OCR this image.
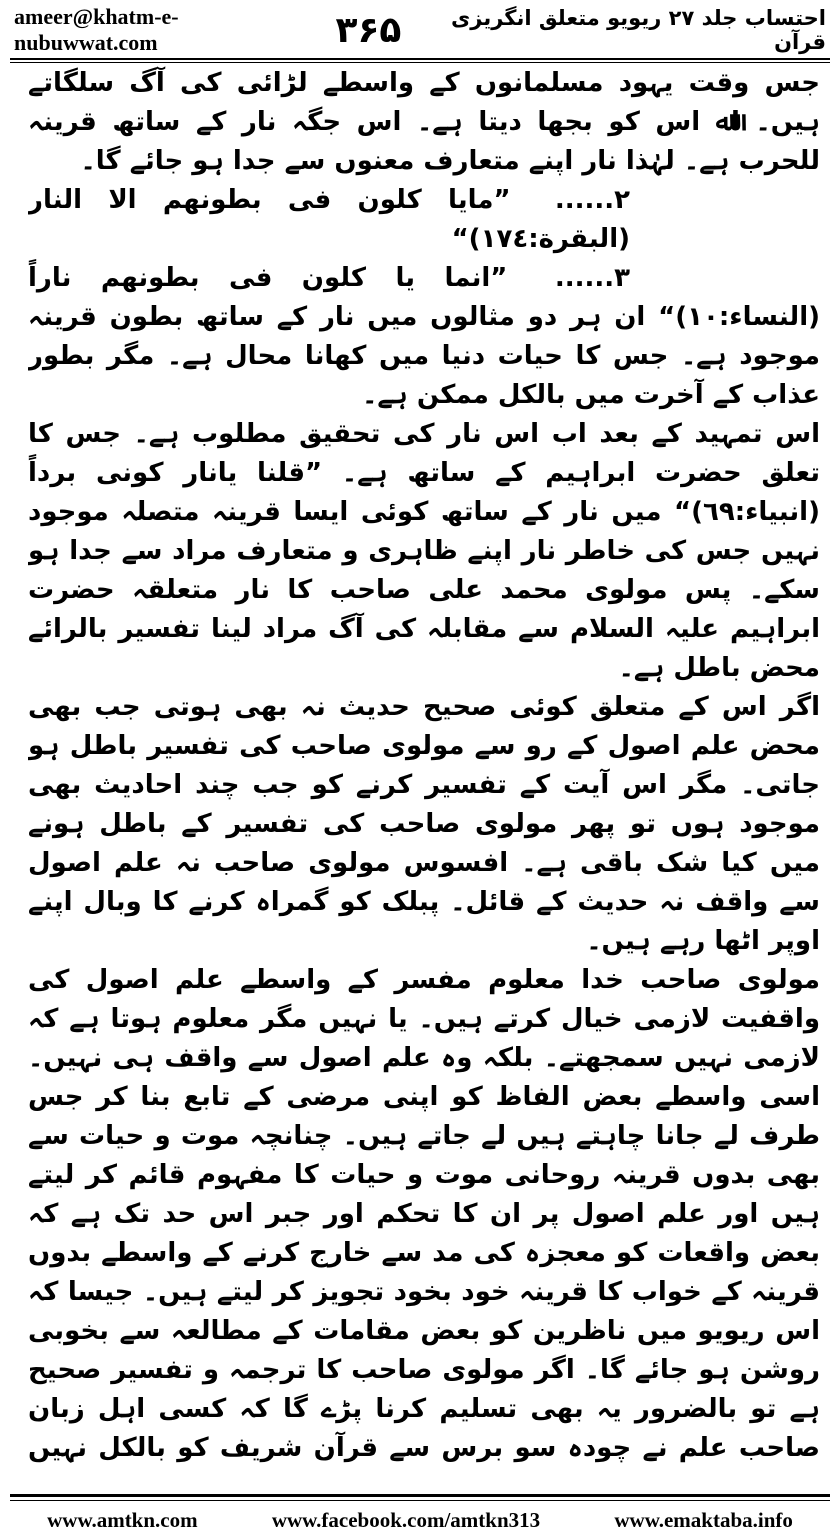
ameer@khatm-e-nubuwwat.com	۳۶۵	احتساب جلد ۲۷ ریویو متعلق انگریزی قرآن

جس وقت یہود مسلمانوں کے واسطے لڑائی کی آگ سلگاتے ہیں۔ اﷲ اس کو بجھا دیتا ہے۔ اس جگہ نار کے ساتھ قرینہ للحرب ہے۔ لہٰذا نار اپنے متعارف معنوں سے جدا ہو جائے گا۔

۲...... ”مایا کلون فی بطونهم الا النار (البقرة:۱۷٤)“

۳...... ”انما یا کلون فی بطونهم ناراً (النساء:۱۰)“ ان ہر دو مثالوں میں نار کے ساتھ بطون قرینہ موجود ہے۔ جس کا حیات دنیا میں کھانا محال ہے۔ مگر بطور عذاب کے آخرت میں بالکل ممکن ہے۔

اس تمہید کے بعد اب اس نار کی تحقیق مطلوب ہے۔ جس کا تعلق حضرت ابراہیم کے ساتھ ہے۔ ”قلنا یانار کونی برداً (انبیاء:٦٩)“ میں نار کے ساتھ کوئی ایسا قرینہ متصلہ موجود نہیں جس کی خاطر نار اپنے ظاہری و متعارف مراد سے جدا ہو سکے۔ پس مولوی محمد علی صاحب کا نار متعلقہ حضرت ابراہیم علیہ السلام سے مقابلہ کی آگ مراد لینا تفسیر بالرائے محض باطل ہے۔

اگر اس کے متعلق کوئی صحیح حدیث نہ بھی ہوتی جب بھی محض علم اصول کے رو سے مولوی صاحب کی تفسیر باطل ہو جاتی۔ مگر اس آیت کے تفسیر کرنے کو جب چند احادیث بھی موجود ہوں تو پھر مولوی صاحب کی تفسیر کے باطل ہونے میں کیا شک باقی ہے۔ افسوس مولوی صاحب نہ علم اصول سے واقف نہ حدیث کے قائل۔ پبلک کو گمراہ کرنے کا وبال اپنے اوپر اٹھا رہے ہیں۔

مولوی صاحب خدا معلوم مفسر کے واسطے علم اصول کی واقفیت لازمی خیال کرتے ہیں۔ یا نہیں مگر معلوم ہوتا ہے کہ لازمی نہیں سمجھتے۔ بلکہ وہ علم اصول سے واقف ہی نہیں۔ اسی واسطے بعض الفاظ کو اپنی مرضی کے تابع بنا کر جس طرف لے جانا چاہتے ہیں لے جاتے ہیں۔ چنانچہ موت و حیات سے بھی بدوں قرینہ روحانی موت و حیات کا مفہوم قائم کر لیتے ہیں اور علم اصول پر ان کا تحکم اور جبر اس حد تک ہے کہ بعض واقعات کو معجزہ کی مد سے خارج کرنے کے واسطے بدوں قرینہ کے خواب کا قرینہ خود بخود تجویز کر لیتے ہیں۔ جیسا کہ اس ریویو میں ناظرین کو بعض مقامات کے مطالعہ سے بخوبی روشن ہو جائے گا۔ اگر مولوی صاحب کا ترجمہ و تفسیر صحیح ہے تو بالضرور یہ بھی تسلیم کرنا پڑے گا کہ کسی اہل زبان صاحب علم نے چودہ سو برس سے قرآن شریف کو بالکل نہیں

www.amtkn.com	www.facebook.com/amtkn313	www.emaktaba.info
